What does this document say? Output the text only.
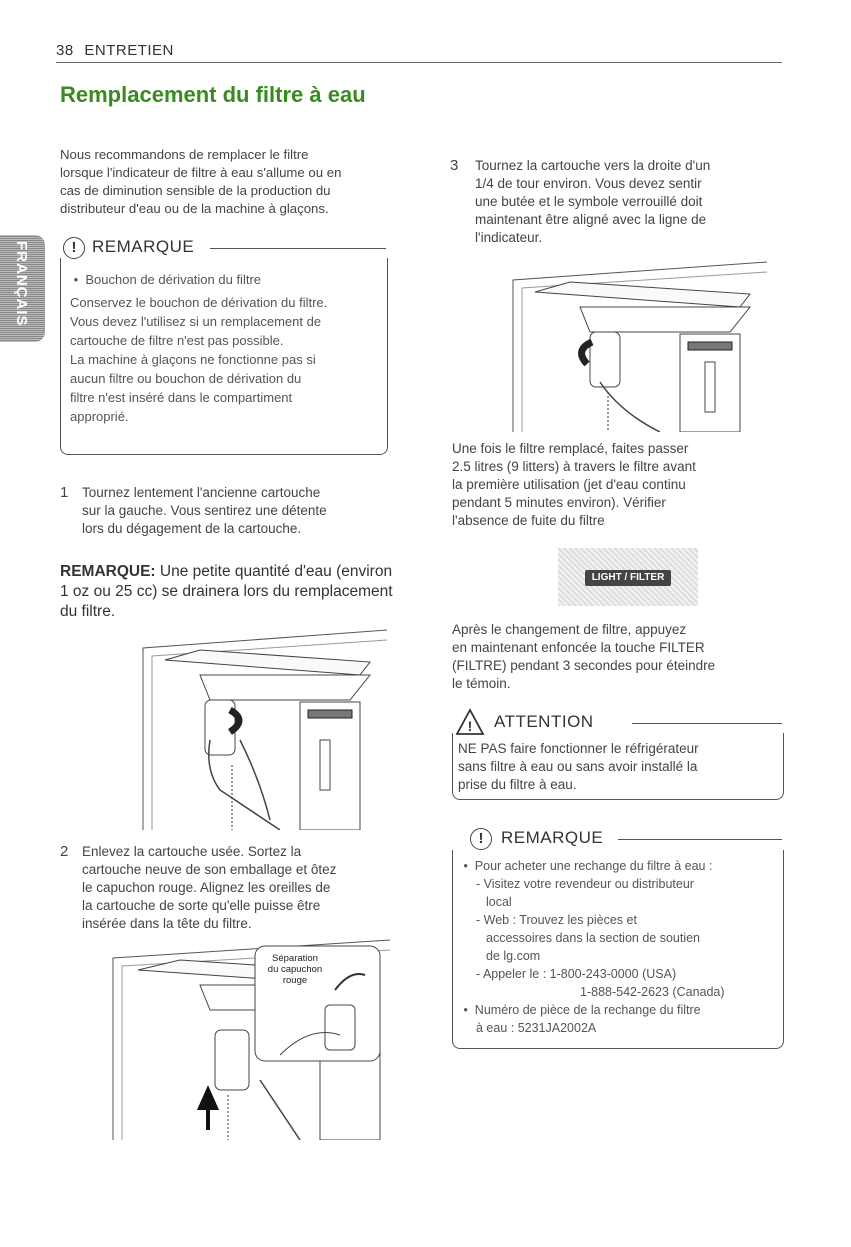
38 ENTRETIEN
Remplacement du filtre à eau
FRANÇAIS
Nous recommandons de remplacer le filtre
lorsque l'indicateur de filtre à eau s'allume ou en
cas de diminution sensible de la production du
distributeur d'eau ou de la machine à glaçons.
! REMARQUE
•  Bouchon de dérivation du filtre
Conservez le bouchon de dérivation du filtre.
Vous devez l'utilisez si un remplacement de
cartouche de filtre n'est pas possible.
La machine à glaçons ne fonctionne pas si
aucun filtre ou bouchon de dérivation du
filtre n'est inséré dans le compartiment
approprié.
1 Tournez lentement l'ancienne cartouche
sur la gauche. Vous sentirez une détente
lors du dégagement de la cartouche.
REMARQUE: Une petite quantité d'eau (environ
1 oz ou 25 cc) se drainera lors du remplacement
du filtre.
2 Enlevez la cartouche usée. Sortez la
cartouche neuve de son emballage et ôtez
le capuchon rouge. Alignez les oreilles de
la cartouche de sorte qu'elle puisse être
insérée dans la tête du filtre.
Séparation
du capuchon
rouge
3 Tournez la cartouche vers la droite d'un
1/4 de tour environ. Vous devez sentir
une butée et le symbole verrouillé doit
maintenant être aligné avec la ligne de
l'indicateur.
Une fois le filtre remplacé, faites passer
2.5 litres (9 litters) à travers le filtre avant
la première utilisation (jet d'eau continu
pendant 5 minutes environ). Vérifier
l'absence de fuite du filtre
LIGHT / FILTER
Après le changement de filtre, appuyez
en maintenant enfoncée la touche FILTER
(FILTRE) pendant 3 secondes pour éteindre
le témoin.
! ATTENTION
NE PAS faire fonctionner le réfrigérateur
sans filtre à eau ou sans avoir installé la
prise du filtre à eau.
!	REMARQUE
•  Pour acheter une rechange du filtre à eau :
- Visitez votre revendeur ou distributeur
local
- Web : Trouvez les pièces et
accessoires dans la section de soutien
de lg.com
- Appeler le : 1-800-243-0000 (USA)
1-888-542-2623 (Canada)
•  Numéro de pièce de la rechange du filtre
à eau : 5231JA2002A
